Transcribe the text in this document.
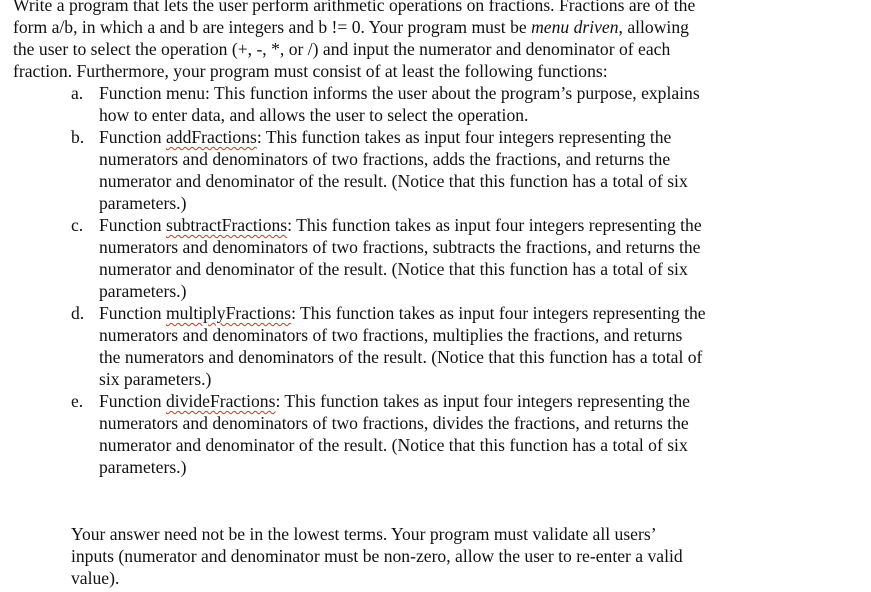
Write a program that lets the user perform arithmetic operations on fractions. Fractions are of the
form a/b, in which a and b are integers and b != 0. Your program must be menu driven, allowing
the user to select the operation (+, -, *, or /) and input the numerator and denominator of each
fraction. Furthermore, your program must consist of at least the following functions:
a. Function menu: This function informs the user about the program’s purpose, explains
how to enter data, and allows the user to select the operation.
b. Function addFractions: This function takes as input four integers representing the
numerators and denominators of two fractions, adds the fractions, and returns the
numerator and denominator of the result. (Notice that this function has a total of six
parameters.)
c. Function subtractFractions: This function takes as input four integers representing the
numerators and denominators of two fractions, subtracts the fractions, and returns the
numerator and denominator of the result. (Notice that this function has a total of six
parameters.)
d. Function multiplyFractions: This function takes as input four integers representing the
numerators and denominators of two fractions, multiplies the fractions, and returns
the numerators and denominators of the result. (Notice that this function has a total of
six parameters.)
e. Function divideFractions: This function takes as input four integers representing the
numerators and denominators of two fractions, divides the fractions, and returns the
numerator and denominator of the result. (Notice that this function has a total of six
parameters.)
Your answer need not be in the lowest terms. Your program must validate all users’
inputs (numerator and denominator must be non-zero, allow the user to re-enter a valid
value).
